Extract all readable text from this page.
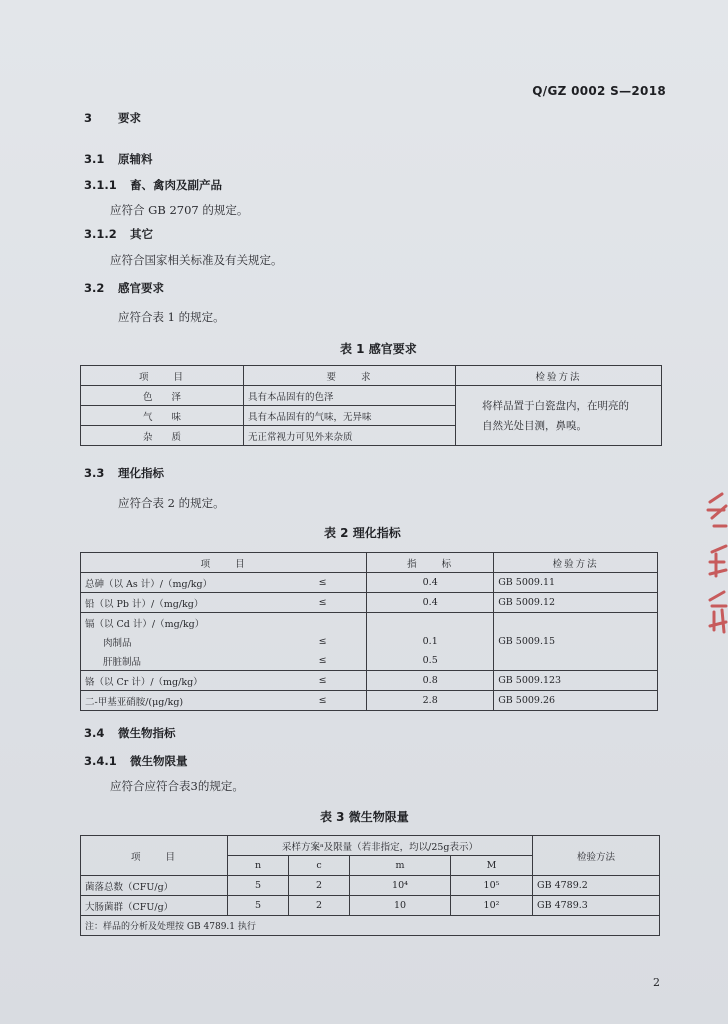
Q/GZ 0002 S—2018
3 要求
3.1 原辅料
3.1.1 畜、禽肉及副产品
应符合 GB 2707 的规定。
3.1.2 其它
应符合国家相关标准及有关规定。
3.2 感官要求
应符合表 1 的规定。
表 1 感官要求
项　　目	要　　求	检验方法
色　　泽	具有本品固有的色泽	将样品置于白瓷盘内，在明亮的自然光处目测，鼻嗅。
气　　味	具有本品固有的气味，无异味	
杂　　质	无正常视力可见外来杂质	
3.3 理化指标
应符合表 2 的规定。
表 2 理化指标
项　　目		指　　标	检验方法
总砷（以 As 计）/（mg/kg）	≤	0.4	GB 5009.11
铅（以 Pb 计）/（mg/kg）	≤	0.4	GB 5009.12
镉（以 Cd 计）/（mg/kg）			GB 5009.15
肉制品	≤	0.1	
肝脏制品	≤	0.5	
铬（以 Cr 计）/（mg/kg）	≤	0.8	GB 5009.123
二-甲基亚硝胺/(μg/kg)	≤	2.8	GB 5009.26
3.4 微生物指标
3.4.1 微生物限量
应符合应符合表3的规定。
表 3 微生物限量
项　　目	采样方案ᵃ及限量（若非指定，均以/25g表示）				检验方法
	n	c	m	M	
菌落总数（CFU/g）	5	2	10⁴	10⁵	GB 4789.2
大肠菌群（CFU/g）	5	2	10	10²	GB 4789.3
注：样品的分析及处理按 GB 4789.1 执行					
2
